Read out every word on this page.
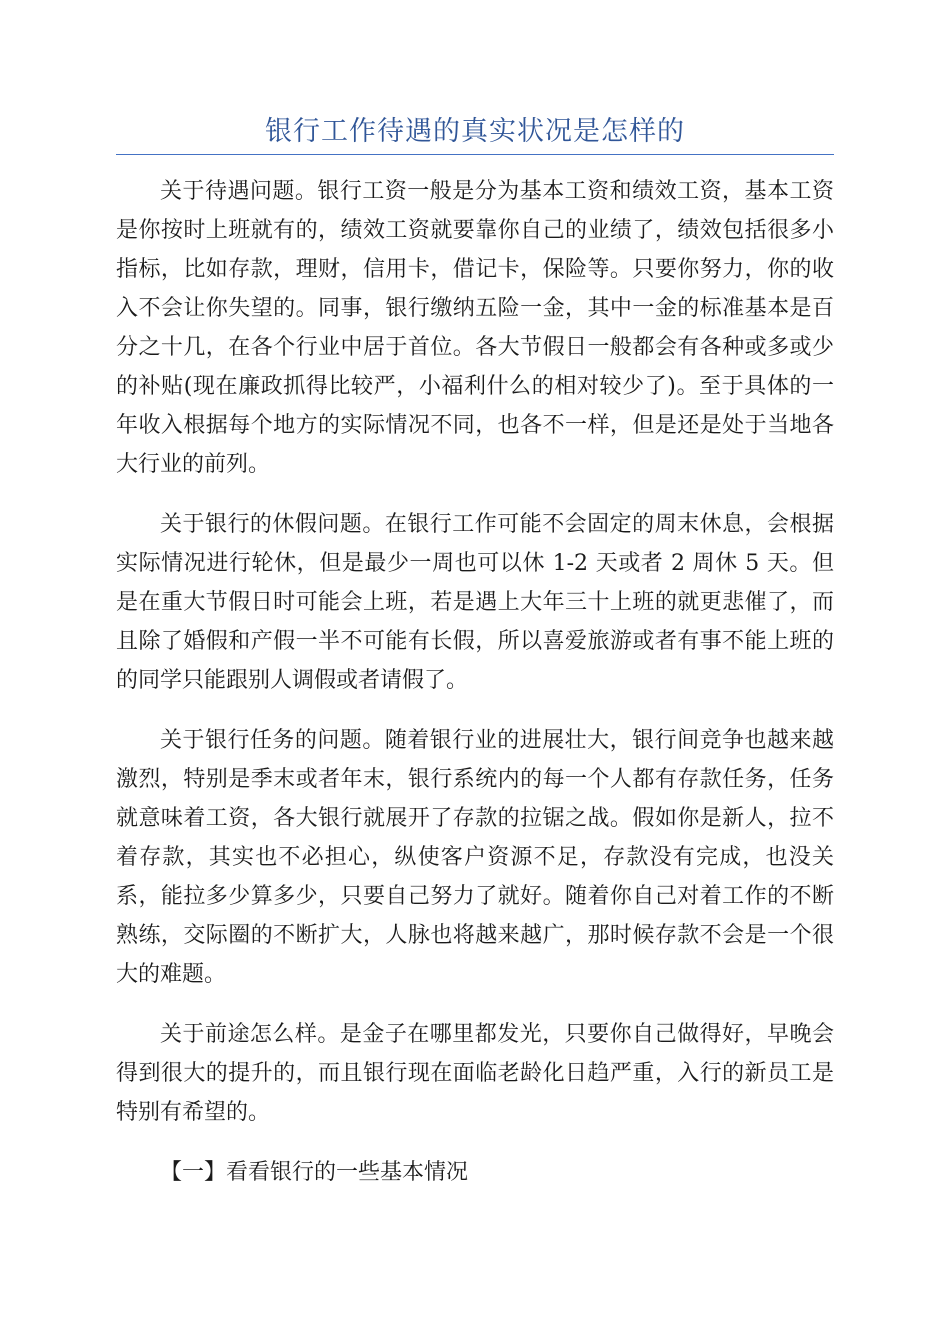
银行工作待遇的真实状况是怎样的

关于待遇问题。银行工资一般是分为基本工资和绩效工资，基本工资是你按时上班就有的，绩效工资就要靠你自己的业绩了，绩效包括很多小指标，比如存款，理财，信用卡，借记卡，保险等。只要你努力，你的收入不会让你失望的。同事，银行缴纳五险一金，其中一金的标准基本是百分之十几，在各个行业中居于首位。各大节假日一般都会有各种或多或少的补贴(现在廉政抓得比较严，小福利什么的相对较少了)。至于具体的一年收入根据每个地方的实际情况不同，也各不一样，但是还是处于当地各大行业的前列。

关于银行的休假问题。在银行工作可能不会固定的周末休息，会根据实际情况进行轮休，但是最少一周也可以休 1-2 天或者 2 周休 5 天。但是在重大节假日时可能会上班，若是遇上大年三十上班的就更悲催了，而且除了婚假和产假一半不可能有长假，所以喜爱旅游或者有事不能上班的的同学只能跟别人调假或者请假了。

关于银行任务的问题。随着银行业的进展壮大，银行间竞争也越来越激烈，特别是季末或者年末，银行系统内的每一个人都有存款任务，任务就意味着工资，各大银行就展开了存款的拉锯之战。假如你是新人，拉不着存款，其实也不必担心，纵使客户资源不足，存款没有完成，也没关系，能拉多少算多少，只要自己努力了就好。随着你自己对着工作的不断熟练，交际圈的不断扩大，人脉也将越来越广，那时候存款不会是一个很大的难题。

关于前途怎么样。是金子在哪里都发光，只要你自己做得好，早晚会得到很大的提升的，而且银行现在面临老龄化日趋严重，入行的新员工是特别有希望的。

【一】看看银行的一些基本情况
